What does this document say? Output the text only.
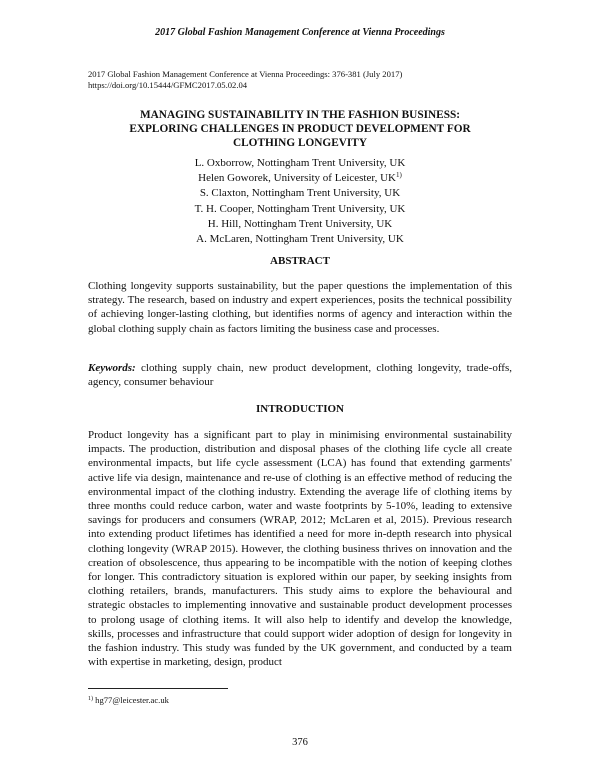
2017 Global Fashion Management Conference at Vienna Proceedings
2017 Global Fashion Management Conference at Vienna Proceedings: 376-381 (July 2017)
https://doi.org/10.15444/GFMC2017.05.02.04
MANAGING SUSTAINABILITY IN THE FASHION BUSINESS:
EXPLORING CHALLENGES IN PRODUCT DEVELOPMENT FOR
CLOTHING LONGEVITY
L. Oxborrow, Nottingham Trent University, UK
Helen Goworek, University of Leicester, UK$^{1)}$
S. Claxton, Nottingham Trent University, UK
T. H. Cooper, Nottingham Trent University, UK
H. Hill, Nottingham Trent University, UK
A. McLaren, Nottingham Trent University, UK
ABSTRACT
Clothing longevity supports sustainability, but the paper questions the implementation of this strategy. The research, based on industry and expert experiences, posits the technical possibility of achieving longer-lasting clothing, but identifies norms of agency and interaction within the global clothing supply chain as factors limiting the business case and processes.
Keywords: clothing supply chain, new product development, clothing longevity, trade-offs, agency, consumer behaviour
INTRODUCTION
Product longevity has a significant part to play in minimising environmental sustainability impacts. The production, distribution and disposal phases of the clothing life cycle all create environmental impacts, but life cycle assessment (LCA) has found that extending garments' active life via design, maintenance and re-use of clothing is an effective method of reducing the environmental impact of the clothing industry. Extending the average life of clothing items by three months could reduce carbon, water and waste footprints by 5-10%, leading to extensive savings for producers and consumers (WRAP, 2012; McLaren et al, 2015). Previous research into extending product lifetimes has identified a need for more in-depth research into physical clothing longevity (WRAP 2015). However, the clothing business thrives on innovation and the creation of obsolescence, thus appearing to be incompatible with the notion of keeping clothes for longer. This contradictory situation is explored within our paper, by seeking insights from clothing retailers, brands, manufacturers. This study aims to explore the behavioural and strategic obstacles to implementing innovative and sustainable product development processes to prolong usage of clothing items. It will also help to identify and develop the knowledge, skills, processes and infrastructure that could support wider adoption of design for longevity in the fashion industry. This study was funded by the UK government, and conducted by a team with expertise in marketing, design, product
$^{1)}$ hg77@leicester.ac.uk
376
